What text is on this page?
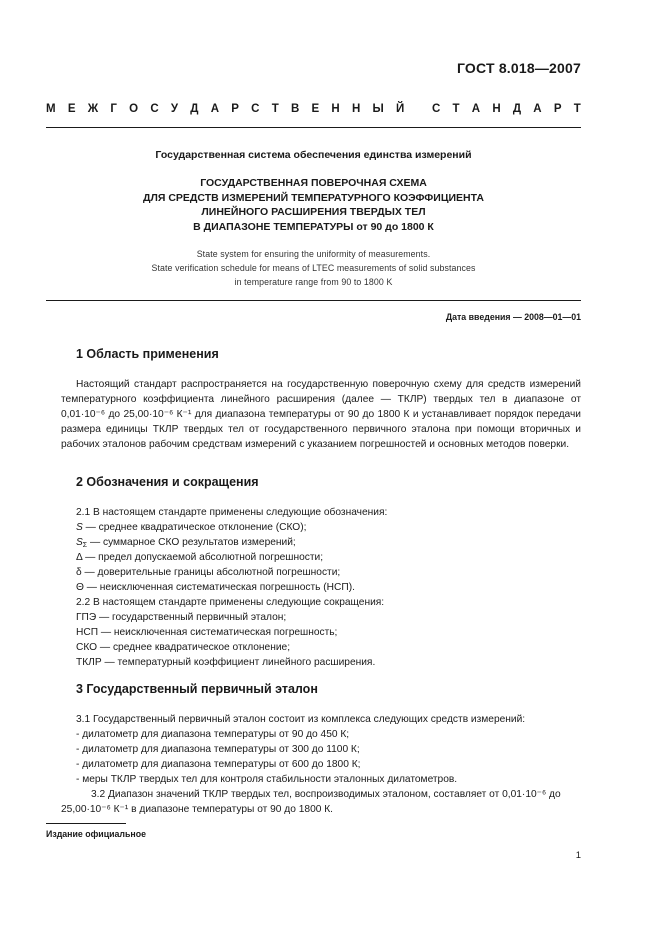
ГОСТ 8.018—2007
М Е Ж Г О С У Д А Р С Т В Е Н Н Ы Й
С Т А Н Д А Р Т
Государственная система обеспечения единства измерений
ГОСУДАРСТВЕННАЯ ПОВЕРОЧНАЯ СХЕМА
ДЛЯ СРЕДСТВ ИЗМЕРЕНИЙ ТЕМПЕРАТУРНОГО КОЭФФИЦИЕНТА
ЛИНЕЙНОГО РАСШИРЕНИЯ ТВЕРДЫХ ТЕЛ
В ДИАПАЗОНЕ ТЕМПЕРАТУРЫ от 90 до 1800 К
State system for ensuring the uniformity of measurements.
State verification schedule for means of LTEC measurements of solid substances
in temperature range from 90 to 1800 K
Дата введения — 2008—01—01
1 Область применения

Настоящий стандарт распространяется на государственную поверочную схему для средств измерений температурного коэффициента линейного расширения (далее — ТКЛР) твердых тел в диапазоне от 0,01·10⁻⁶ до 25,00·10⁻⁶ К⁻¹ для диапазона температуры от 90 до 1800 К и устанавливает порядок передачи размера единицы ТКЛР твердых тел от государственного первичного эталона при помощи вторичных и рабочих эталонов рабочим средствам измерений с указанием погрешностей и основных методов поверки.

2 Обозначения и сокращения

2.1 В настоящем стандарте применены следующие обозначения:

S — среднее квадратическое отклонение (СКО);

$S_\Sigma$ — суммарное СКО результатов измерений;

Δ — предел допускаемой абсолютной погрешности;

δ — доверительные границы абсолютной погрешности;

Θ — неисключенная систематическая погрешность (НСП).

2.2 В настоящем стандарте применены следующие сокращения:

ГПЭ — государственный первичный эталон;

НСП — неисключенная систематическая погрешность;

СКО — среднее квадратическое отклонение;

ТКЛР — температурный коэффициент линейного расширения.

3 Государственный первичный эталон

3.1 Государственный первичный эталон состоит из комплекса следующих средств измерений:

- дилатометр для диапазона температуры от 90 до 450 К;

- дилатометр для диапазона температуры от 300 до 1100 К;

- дилатометр для диапазона температуры от 600 до 1800 К;

- меры ТКЛР твердых тел для контроля стабильности эталонных дилатометров.

3.2 Диапазон значений ТКЛР твердых тел, воспроизводимых эталоном, составляет от 0,01·10⁻⁶ до

25,00·10⁻⁶ К⁻¹ в диапазоне температуры от 90 до 1800 К.

Издание официальное
1
